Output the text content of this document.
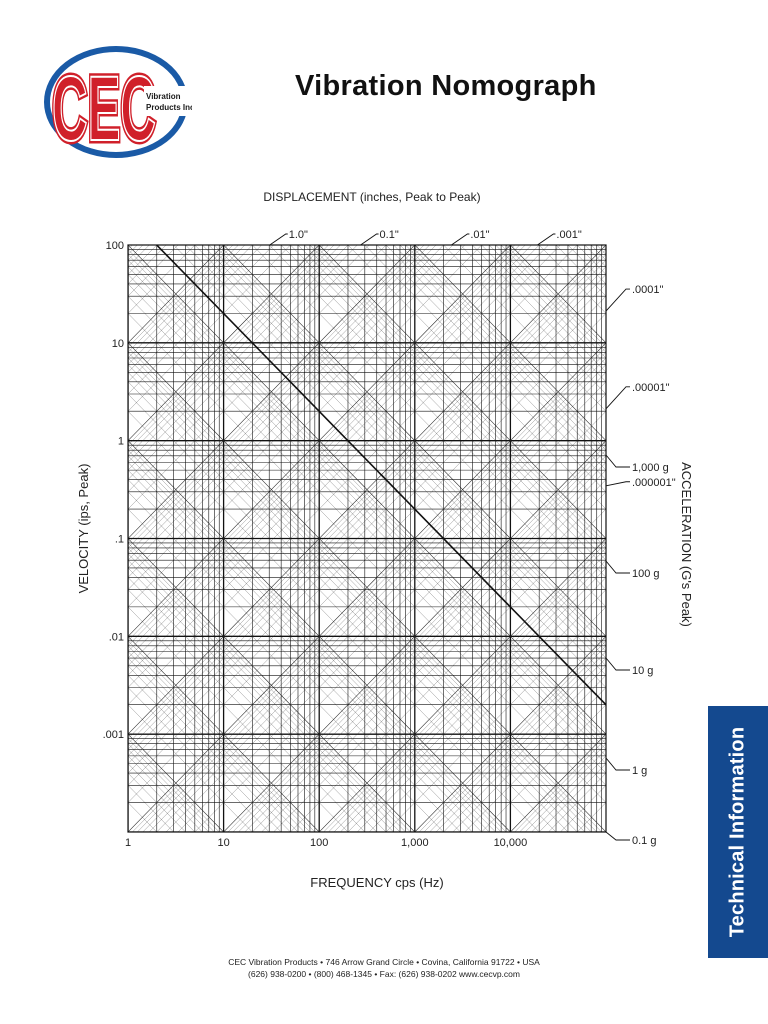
CEC
CEC
Vibration
Products Inc.
Vibration Nomograph
1	10	100	1,000	10,000
100
10
1
.1
.01
.001
FREQUENCY cps (Hz)
DISPLACEMENT (inches, Peak to Peak)
VELOCITY (ips, Peak)	ACCELERATION (G's Peak)
1.0"	0.1"	.01"	.001"
.0001"
.00001"
.000001"
1,000 g
100 g
10 g
1 g
0.1 g	Technical Information
CEC Vibration Products • 746 Arrow Grand Circle • Covina, California 91722 • USA
(626) 938-0200 • (800) 468-1345 • Fax: (626) 938-0202 www.cecvp.com
